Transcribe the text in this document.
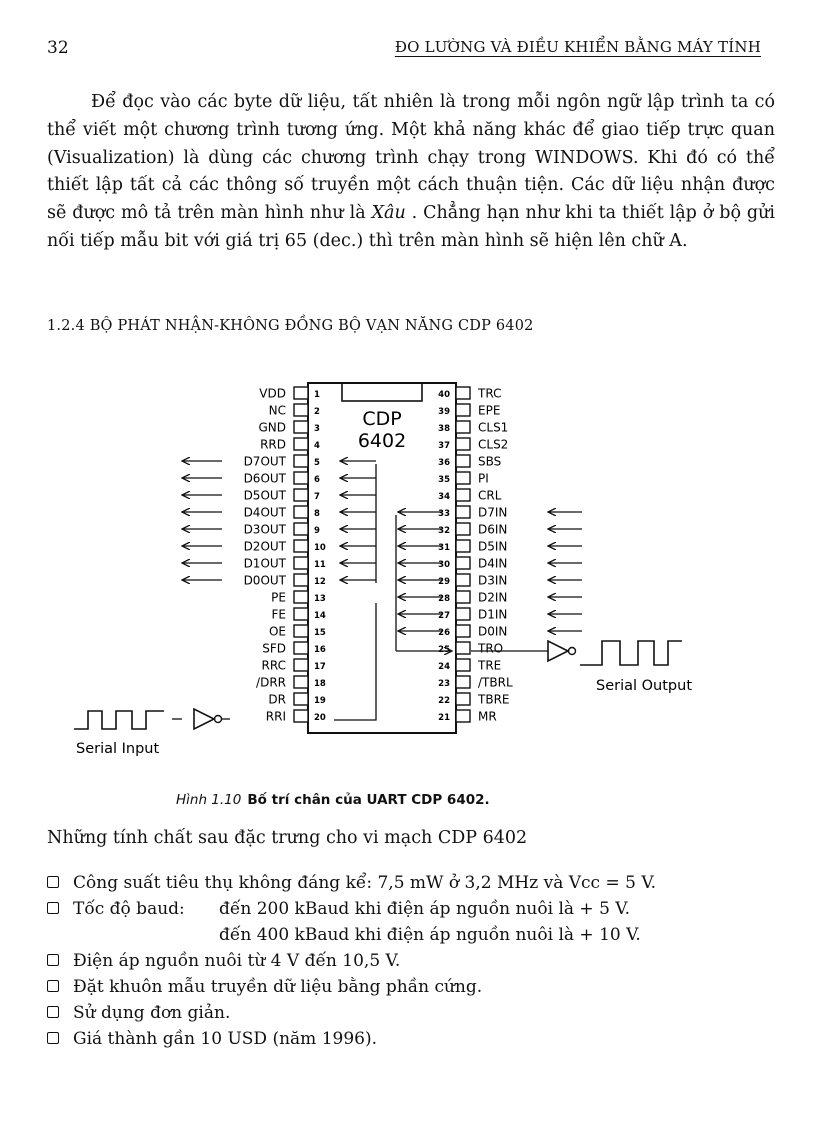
32	ĐO LƯỜNG VÀ ĐIỀU KHIỂN BẰNG MÁY TÍNH

Để đọc vào các byte dữ liệu, tất nhiên là trong mỗi ngôn ngữ lập trình ta có thể viết một chương trình tương ứng. Một khả năng khác để giao tiếp trực quan (Visualization) là dùng các chương trình chạy trong WINDOWS. Khi đó có thể thiết lập tất cả các thông số truyền một cách thuận tiện. Các dữ liệu nhận được sẽ được mô tả trên màn hình như là Xâu . Chẳng hạn như khi ta thiết lập ở bộ gửi nối tiếp mẫu bit với giá trị 65 (dec.) thì trên màn hình sẽ hiện lên chữ A.

1.2.4 BỘ PHÁT NHẬN-KHÔNG ĐỒNG BỘ VẠN NĂNG CDP 6402
CDP
6402
1
VDD
2
NC
3
GND
4
RRD
5
D7OUT
6
D6OUT
7
D5OUT
8
D4OUT
9
D3OUT
10
D2OUT
11
D1OUT
12
D0OUT
13
PE
14
FE
15
OE
16
SFD
17
RRC
18
/DRR
19
DR
20
RRI
40 TRC
39 EPE
38 CLS1
37 CLS2
36 SBS
35 PI
34 CRL
33 D7IN
32 D6IN
31 D5IN
30 D4IN
29 D3IN
28 D2IN
27 D1IN
26 D0IN
25 TRO
24 TRE
23 /TBRL
22 TBRE
21 MR
Serial Output
Serial Input
Hình 1.10 Bố trí chân của UART CDP 6402.

Những tính chất sau đặc trưng cho vi mạch CDP 6402

Công suất tiêu thụ không đáng kể: 7,5 mW ở 3,2 MHz và Vcc = 5 V.
Tốc độ baud: đến 200 kBaud khi điện áp nguồn nuôi là + 5 V.
đến 400 kBaud khi điện áp nguồn nuôi là + 10 V.
Điện áp nguồn nuôi từ 4 V đến 10,5 V.
Đặt khuôn mẫu truyền dữ liệu bằng phần cứng.
Sử dụng đơn giản.
Giá thành gần 10 USD (năm 1996).
